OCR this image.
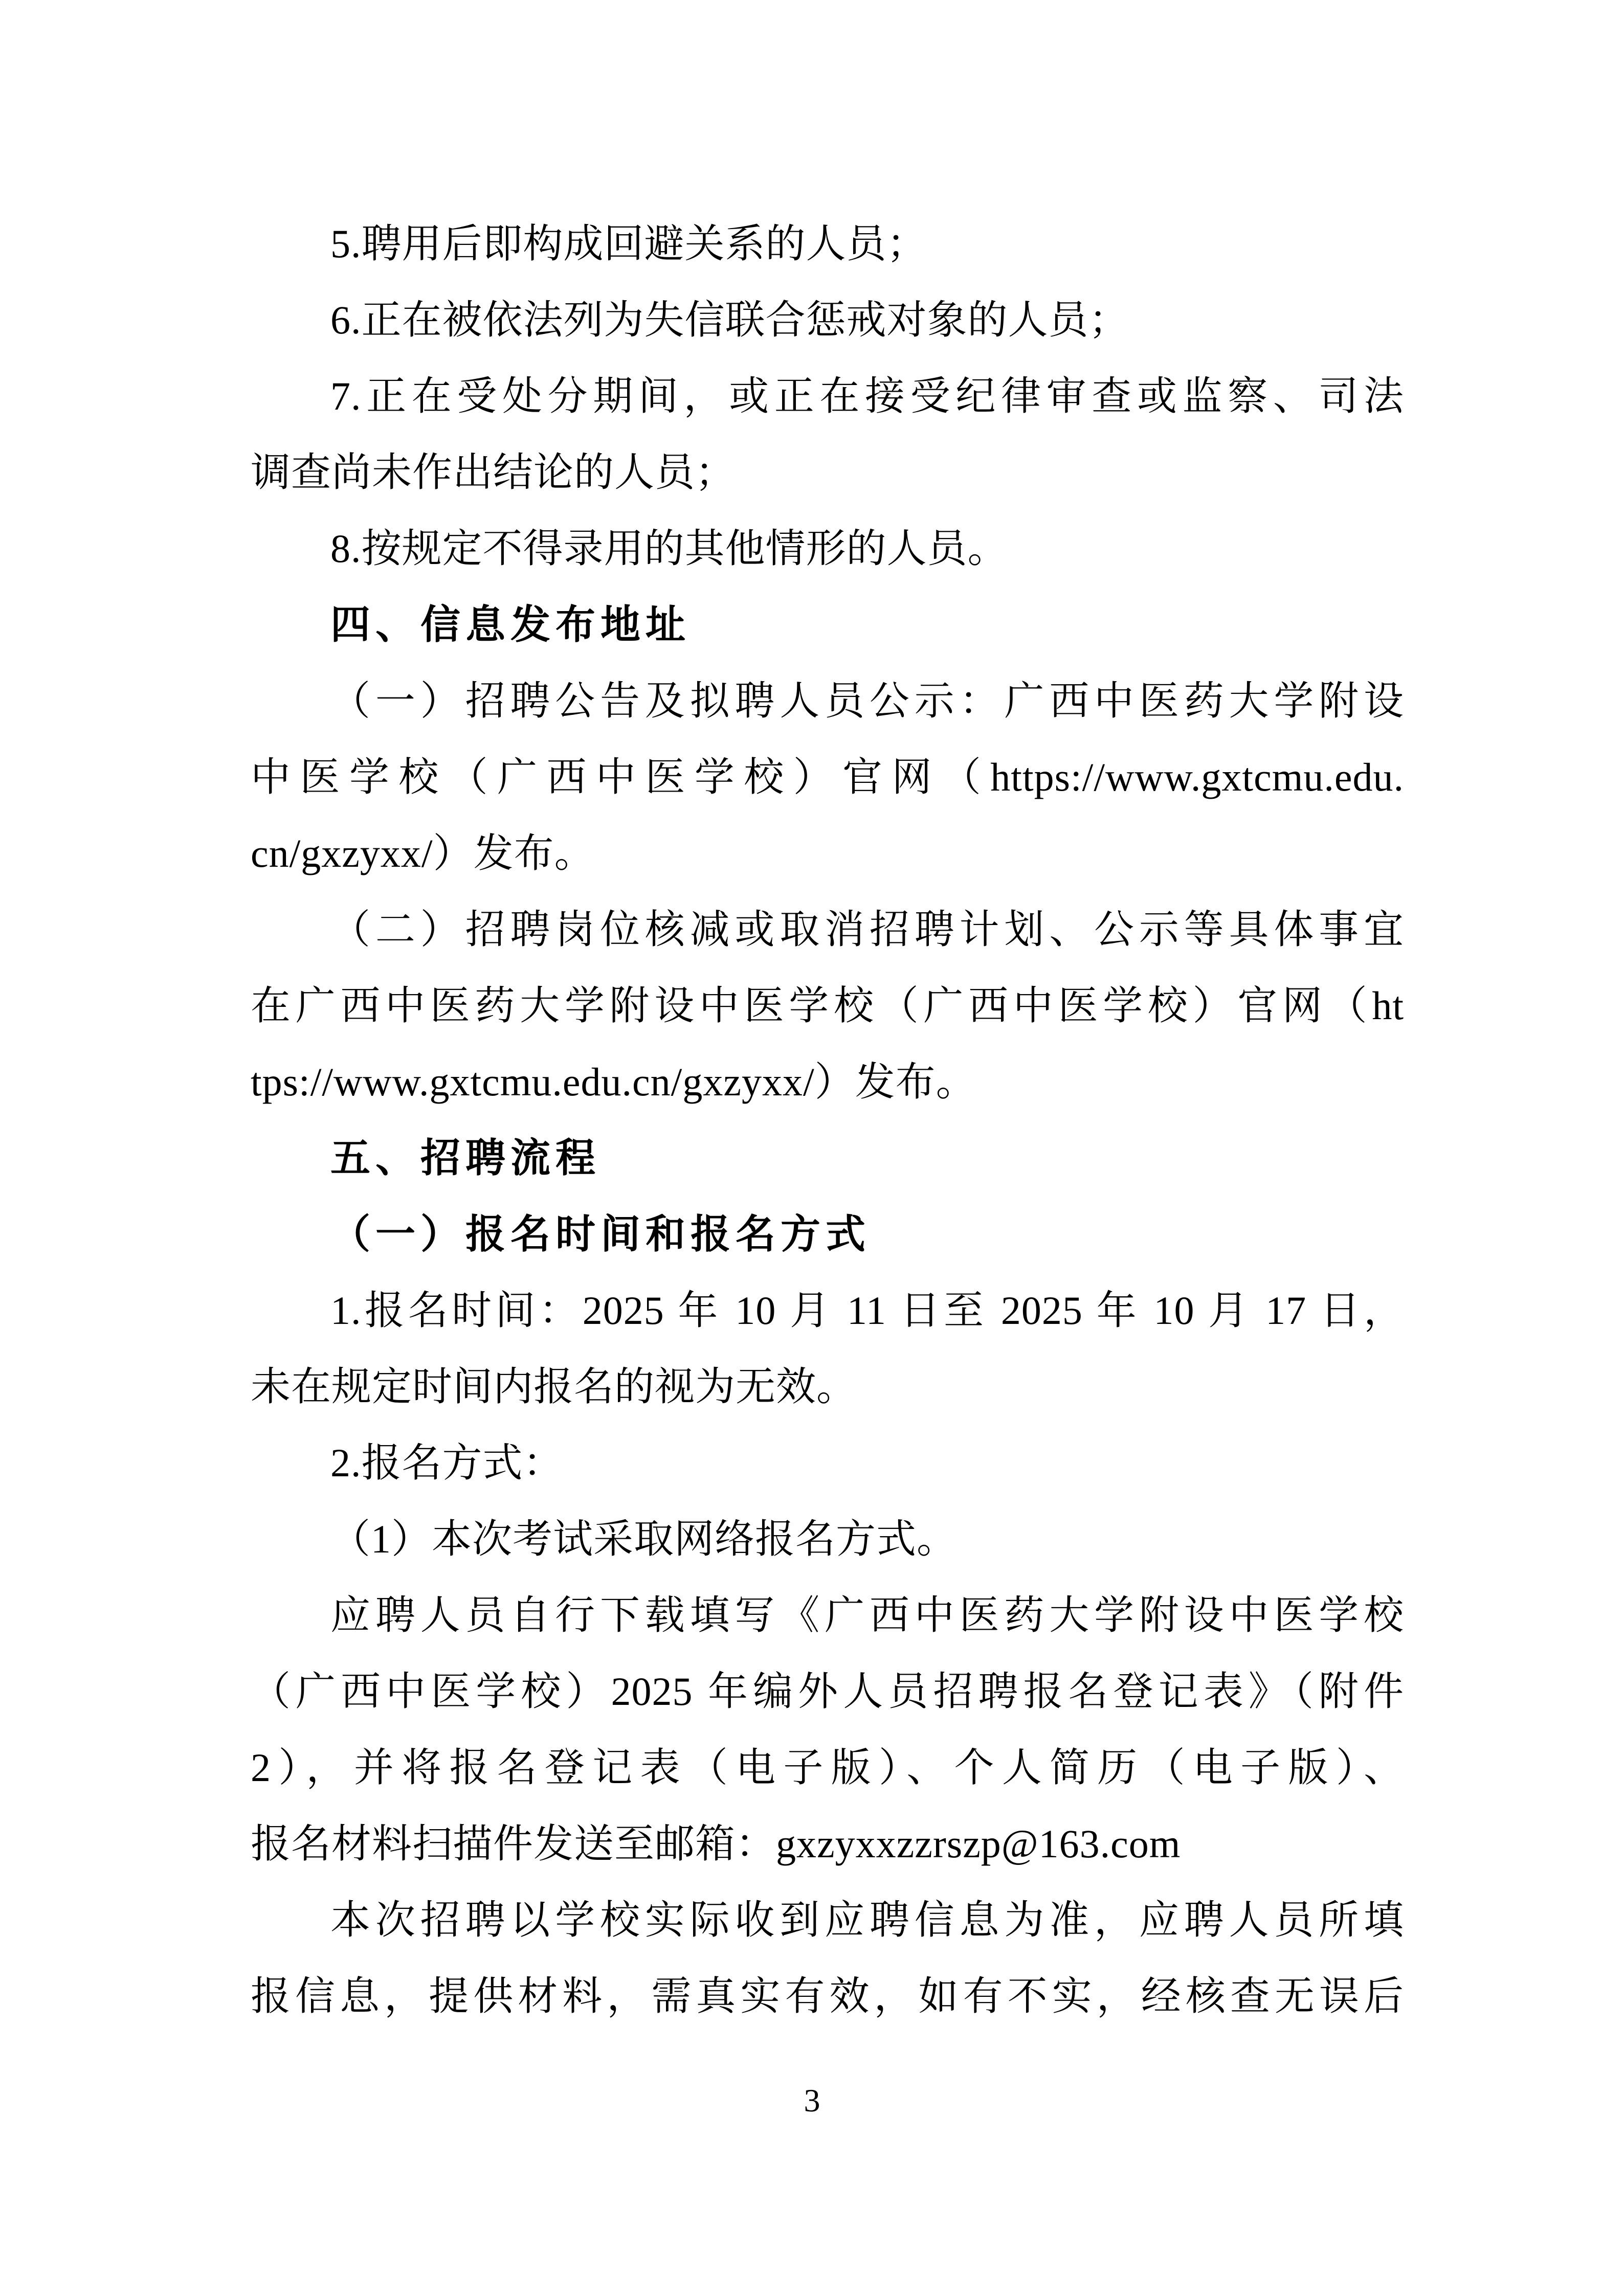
5.聘用后即构成回避关系的人员；
6.正在被依法列为失信联合惩戒对象的人员；
7.正在受处分期间，或正在接受纪律审查或监察、司法
调查尚未作出结论的人员；
8.按规定不得录用的其他情形的人员。
四、信息发布地址
（一）招聘公告及拟聘人员公示：广西中医药大学附设
中医学校（广西中医学校）官网（https://www.gxtcmu.edu.
cn/gxzyxx/）发布。
（二）招聘岗位核减或取消招聘计划、公示等具体事宜
在广西中医药大学附设中医学校（广西中医学校）官网（ht
tps://www.gxtcmu.edu.cn/gxzyxx/）发布。
五、招聘流程
（一）报名时间和报名方式
1.报名时间：2025 年 10 月 11 日至 2025 年 10 月 17 日，
未在规定时间内报名的视为无效。
2.报名方式：
（1）本次考试采取网络报名方式。
应聘人员自行下载填写《广西中医药大学附设中医学校
（广西中医学校）2025 年编外人员招聘报名登记表》（附件
2），并将报名登记表（电子版）、个人简历（电子版）、
报名材料扫描件发送至邮箱：gxzyxxzzrszp@163.com
本次招聘以学校实际收到应聘信息为准，应聘人员所填
报信息，提供材料，需真实有效，如有不实，经核查无误后
3
